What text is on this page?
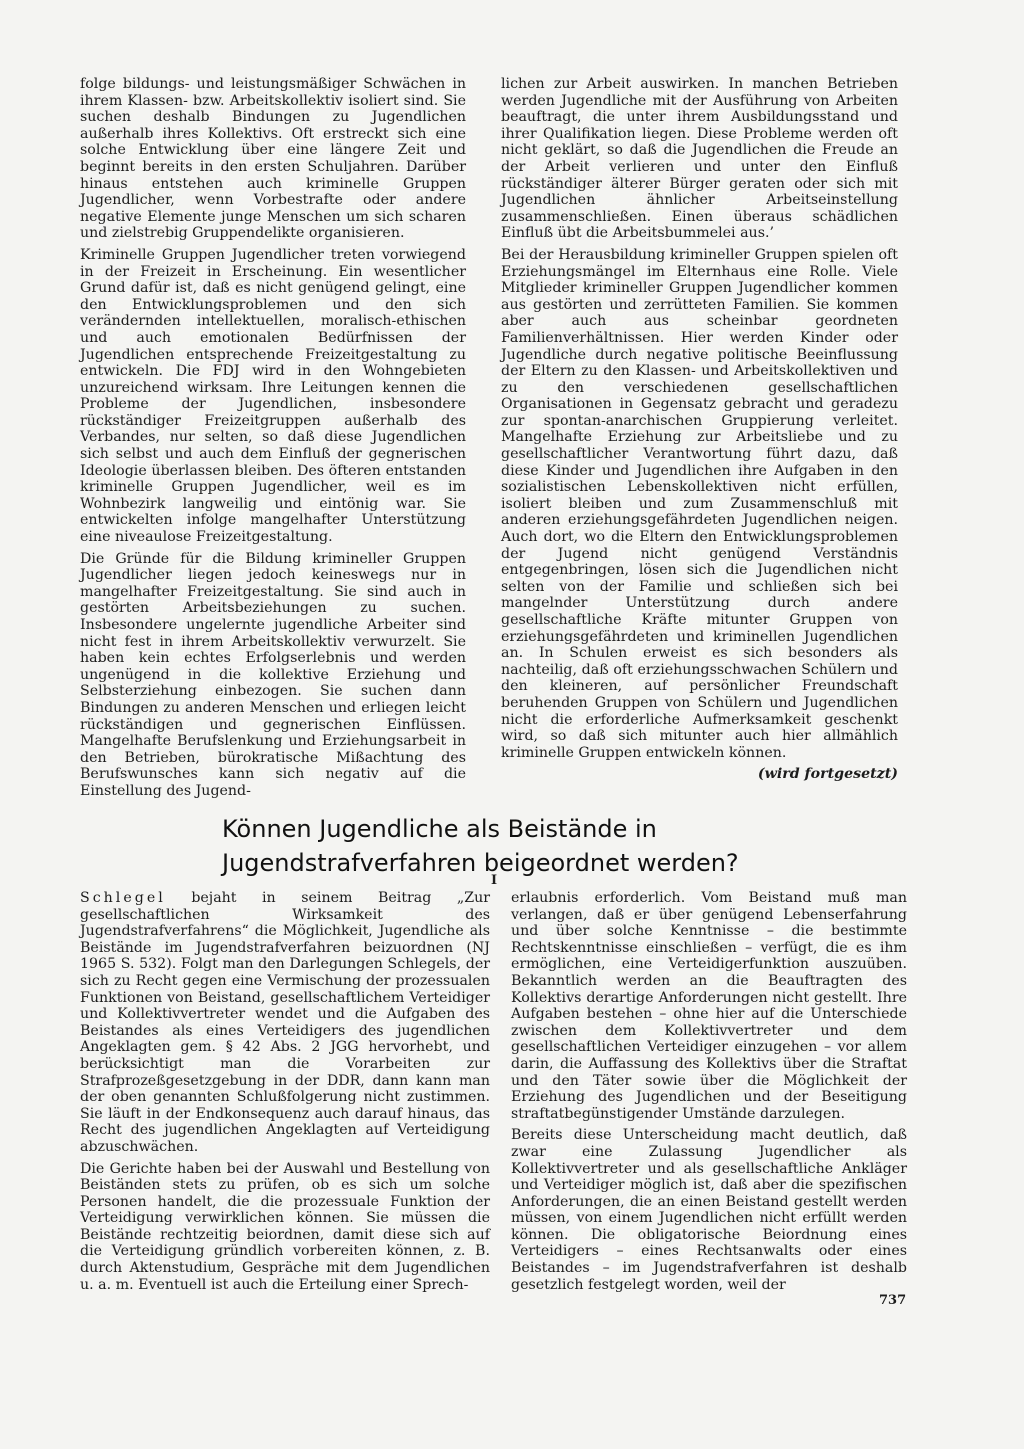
folge bildungs- und leistungsmäßiger Schwächen in ihrem Klassen- bzw. Arbeitskollektiv isoliert sind. Sie suchen deshalb Bindungen zu Jugendlichen außerhalb ihres Kollektivs. Oft erstreckt sich eine solche Entwicklung über eine längere Zeit und beginnt bereits in den ersten Schuljahren. Darüber hinaus entstehen auch kriminelle Gruppen Jugendlicher, wenn Vorbestrafte oder andere negative Elemente junge Menschen um sich scharen und zielstrebig Gruppendelikte organisieren.

Kriminelle Gruppen Jugendlicher treten vorwiegend in der Freizeit in Erscheinung. Ein wesentlicher Grund dafür ist, daß es nicht genügend gelingt, eine den Entwicklungsproblemen und den sich verändernden intellektuellen, moralisch-ethischen und auch emotionalen Bedürfnissen der Jugendlichen entsprechende Freizeitgestaltung zu entwickeln. Die FDJ wird in den Wohngebieten unzureichend wirksam. Ihre Leitungen kennen die Probleme der Jugendlichen, insbesondere rückständiger Freizeitgruppen außerhalb des Verbandes, nur selten, so daß diese Jugendlichen sich selbst und auch dem Einfluß der gegnerischen Ideologie überlassen bleiben. Des öfteren entstanden kriminelle Gruppen Jugendlicher, weil es im Wohnbezirk langweilig und eintönig war. Sie entwickelten infolge mangelhafter Unterstützung eine niveaulose Freizeitgestaltung.

Die Gründe für die Bildung krimineller Gruppen Jugendlicher liegen jedoch keineswegs nur in mangelhafter Freizeitgestaltung. Sie sind auch in gestörten Arbeitsbeziehungen zu suchen. Insbesondere ungelernte jugendliche Arbeiter sind nicht fest in ihrem Arbeitskollektiv verwurzelt. Sie haben kein echtes Erfolgserlebnis und werden ungenügend in die kollektive Erziehung und Selbsterziehung einbezogen. Sie suchen dann Bindungen zu anderen Menschen und erliegen leicht rückständigen und gegnerischen Einflüssen. Mangelhafte Berufslenkung und Erziehungsarbeit in den Betrieben, bürokratische Mißachtung des Berufswunsches kann sich negativ auf die Einstellung des Jugend-

lichen zur Arbeit auswirken. In manchen Betrieben werden Jugendliche mit der Ausführung von Arbeiten beauftragt, die unter ihrem Ausbildungsstand und ihrer Qualifikation liegen. Diese Probleme werden oft nicht geklärt, so daß die Jugendlichen die Freude an der Arbeit verlieren und unter den Einfluß rückständiger älterer Bürger geraten oder sich mit Jugendlichen ähnlicher Arbeitseinstellung zusammenschließen. Einen überaus schädlichen Einfluß übt die Arbeitsbummelei aus.’

Bei der Herausbildung krimineller Gruppen spielen oft Erziehungsmängel im Elternhaus eine Rolle. Viele Mitglieder krimineller Gruppen Jugendlicher kommen aus gestörten und zerrütteten Familien. Sie kommen aber auch aus scheinbar geordneten Familienverhältnissen. Hier werden Kinder oder Jugendliche durch negative politische Beeinflussung der Eltern zu den Klassen- und Arbeitskollektiven und zu den verschiedenen gesellschaftlichen Organisationen in Gegensatz gebracht und geradezu zur spontan-anarchischen Gruppierung verleitet. Mangelhafte Erziehung zur Arbeitsliebe und zu gesellschaftlicher Verantwortung führt dazu, daß diese Kinder und Jugendlichen ihre Aufgaben in den sozialistischen Lebenskollektiven nicht erfüllen, isoliert bleiben und zum Zusammenschluß mit anderen erziehungsgefährdeten Jugendlichen neigen. Auch dort, wo die Eltern den Entwicklungsproblemen der Jugend nicht genügend Verständnis entgegenbringen, lösen sich die Jugendlichen nicht selten von der Familie und schließen sich bei mangelnder Unterstützung durch andere gesellschaftliche Kräfte mitunter Gruppen von erziehungsgefährdeten und kriminellen Jugendlichen an. In Schulen erweist es sich besonders als nachteilig, daß oft erziehungsschwachen Schülern und den kleineren, auf persönlicher Freundschaft beruhenden Gruppen von Schülern und Jugendlichen nicht die erforderliche Aufmerksamkeit geschenkt wird, so daß sich mitunter auch hier allmählich kriminelle Gruppen entwickeln können.

(wird fortgesetzt)

Können Jugendliche als Beistände in Jugendstrafverfahren beigeordnet werden?
I

Schlegel bejaht in seinem Beitrag „Zur gesellschaftlichen Wirksamkeit des Jugendstrafverfahrens“ die Möglichkeit, Jugendliche als Beistände im Jugendstrafverfahren beizuordnen (NJ 1965 S. 532). Folgt man den Darlegungen Schlegels, der sich zu Recht gegen eine Vermischung der prozessualen Funktionen von Beistand, gesellschaftlichem Verteidiger und Kollektivvertreter wendet und die Aufgaben des Beistandes als eines Verteidigers des jugendlichen Angeklagten gem. § 42 Abs. 2 JGG hervorhebt, und berücksichtigt man die Vorarbeiten zur Strafprozeßgesetzgebung in der DDR, dann kann man der oben genannten Schlußfolgerung nicht zustimmen. Sie läuft in der Endkonsequenz auch darauf hinaus, das Recht des jugendlichen Angeklagten auf Verteidigung abzuschwächen.

Die Gerichte haben bei der Auswahl und Bestellung von Beiständen stets zu prüfen, ob es sich um solche Personen handelt, die die prozessuale Funktion der Verteidigung verwirklichen können. Sie müssen die Beistände rechtzeitig beiordnen, damit diese sich auf die Verteidigung gründlich vorbereiten können, z. B. durch Aktenstudium, Gespräche mit dem Jugendlichen u. a. m. Eventuell ist auch die Erteilung einer Sprech-

erlaubnis erforderlich. Vom Beistand muß man verlangen, daß er über genügend Lebenserfahrung und über solche Kenntnisse – die bestimmte Rechtskenntnisse einschließen – verfügt, die es ihm ermöglichen, eine Verteidigerfunktion auszuüben. Bekanntlich werden an die Beauftragten des Kollektivs derartige Anforderungen nicht gestellt. Ihre Aufgaben bestehen – ohne hier auf die Unterschiede zwischen dem Kollektivvertreter und dem gesellschaftlichen Verteidiger einzugehen – vor allem darin, die Auffassung des Kollektivs über die Straftat und den Täter sowie über die Möglichkeit der Erziehung des Jugendlichen und der Beseitigung straftatbegünstigender Umstände darzulegen.

Bereits diese Unterscheidung macht deutlich, daß zwar eine Zulassung Jugendlicher als Kollektivvertreter und als gesellschaftliche Ankläger und Verteidiger möglich ist, daß aber die spezifischen Anforderungen, die an einen Beistand gestellt werden müssen, von einem Jugendlichen nicht erfüllt werden können. Die obligatorische Beiordnung eines Verteidigers – eines Rechtsanwalts oder eines Beistandes – im Jugendstrafverfahren ist deshalb gesetzlich festgelegt worden, weil der

737
